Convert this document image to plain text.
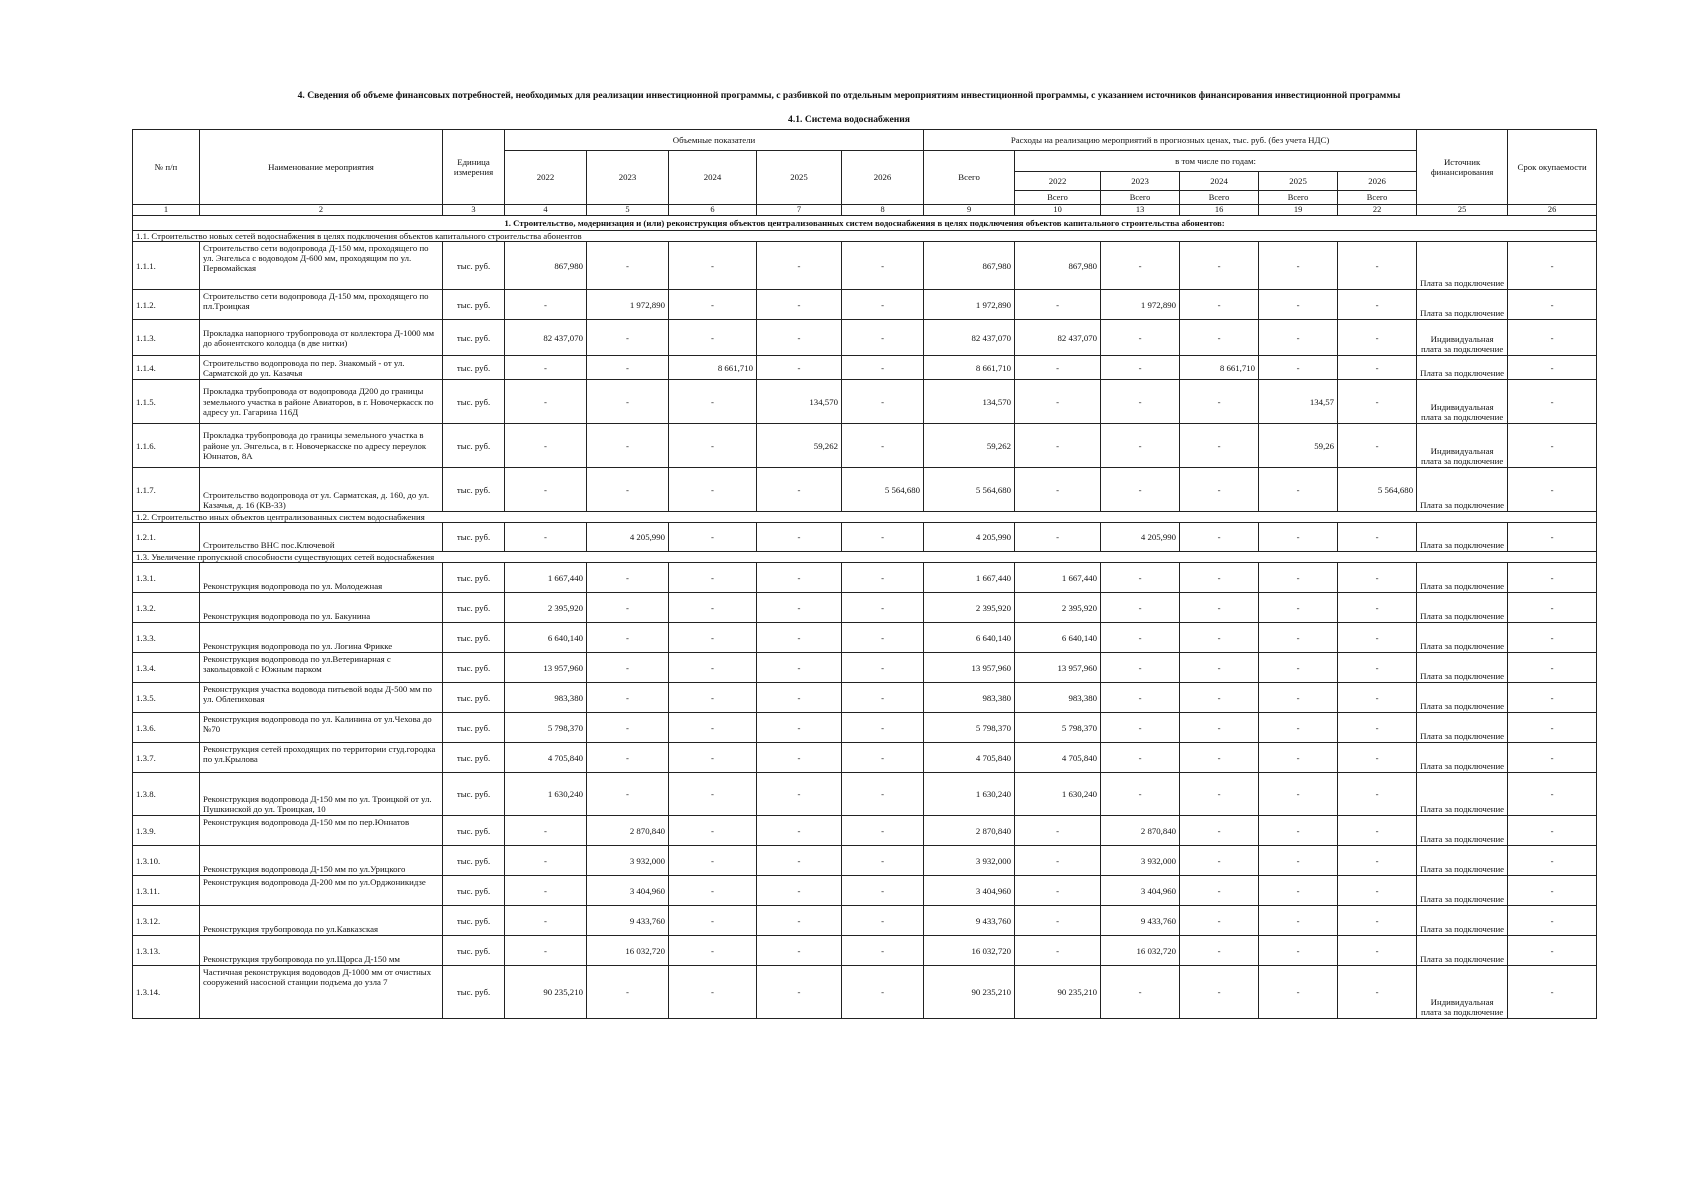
4. Сведения об объеме финансовых потребностей, необходимых для реализации инвестиционной программы, с разбивкой по отдельным мероприятиям инвестиционной программы, с указанием источников финансирования инвестиционной программы
4.1. Система водоснабжения
№ п/п	Наименование мероприятия	Единица измерения	Объемные показатели					Расходы на реализацию мероприятий в прогнозных ценах, тыс. руб. (без учета НДС)						Источник финансирования	Срок окупаемости
			2022	2023	2024	2025	2026	Всего	в том числе по годам:						
									2022	2023	2024	2025	2026		
									Всего	Всего	Всего	Всего	Всего		
1	2	3	4	5	6	7	8	9	10	13	16	19	22	25	26
1. Строительство, модернизация и (или) реконструкция объектов централизованных систем водоснабжения в целях подключения объектов капитального строительства абонентов:															
1.1. Строительство новых сетей водоснабжения в целях подключения объектов капитального строительства абонентов															
1.1.1.	Строительство сети водопровода Д-150 мм, проходящего по ул. Энгельса с водоводом Д-600 мм, проходящим по ул. Первомайская	тыс. руб.	867,980	-	-	-	-	867,980	867,980	-	-	-	-	Плата за подключение	-
1.1.2.	Строительство сети водопровода Д-150 мм, проходящего по пл.Троицкая	тыс. руб.	-	1 972,890	-	-	-	1 972,890	-	1 972,890	-	-	-	Плата за подключение	-
1.1.3.	Прокладка напорного трубопровода от коллектора Д-1000 мм до абонентского колодца (в две нитки)	тыс. руб.	82 437,070	-	-	-	-	82 437,070	82 437,070	-	-	-	-	Индивидуальная плата за подключение	-
1.1.4.	Строительство водопровода по пер. Знакомый - от ул. Сарматской до ул. Казачья	тыс. руб.	-	-	8 661,710	-	-	8 661,710	-	-	8 661,710	-	-	Плата за подключение	-
1.1.5.	Прокладка трубопровода от водопровода Д200 до границы земельного участка в районе Авиаторов, в г. Новочеркасск по адресу ул. Гагарина 116Д	тыс. руб.	-	-	-	134,570	-	134,570	-	-	-	134,57	-	Индивидуальная плата за подключение	-
1.1.6.	Прокладка трубопровода до границы земельного участка в районе ул. Энгельса, в г. Новочеркасске по адресу переулок Юннатов, 8А	тыс. руб.	-	-	-	59,262	-	59,262	-	-	-	59,26	-	Индивидуальная плата за подключение	-
1.1.7.	Строительство водопровода от ул. Сарматская, д. 160, до ул. Казачья, д. 16 (КВ-33)	тыс. руб.	-	-	-	-	5 564,680	5 564,680	-	-	-	-	5 564,680	Плата за подключение	-
1.2. Строительство иных объектов централизованных систем водоснабжения															
1.2.1.	Строительство ВНС пос.Ключевой	тыс. руб.	-	4 205,990	-	-	-	4 205,990	-	4 205,990	-	-	-	Плата за подключение	-
1.3. Увеличение пропускной способности существующих сетей водоснабжения															
1.3.1.	Реконструкция водопровода по ул. Молодежная	тыс. руб.	1 667,440	-	-	-	-	1 667,440	1 667,440	-	-	-	-	Плата за подключение	-
1.3.2.	Реконструкция водопровода по ул. Бакунина	тыс. руб.	2 395,920	-	-	-	-	2 395,920	2 395,920	-	-	-	-	Плата за подключение	-
1.3.3.	Реконструкция водопровода по ул. Логина Фрикке	тыс. руб.	6 640,140	-	-	-	-	6 640,140	6 640,140	-	-	-	-	Плата за подключение	-
1.3.4.	Реконструкция водопровода по ул.Ветеринарная с закольцовкой с Южным парком	тыс. руб.	13 957,960	-	-	-	-	13 957,960	13 957,960	-	-	-	-	Плата за подключение	-
1.3.5.	Реконструкция участка водовода питьевой воды Д-500 мм по ул. Облепиховая	тыс. руб.	983,380	-	-	-	-	983,380	983,380	-	-	-	-	Плата за подключение	-
1.3.6.	Реконструкция водопровода по ул. Калинина от ул.Чехова до №70	тыс. руб.	5 798,370	-	-	-	-	5 798,370	5 798,370	-	-	-	-	Плата за подключение	-
1.3.7.	Реконструкция сетей проходящих по территории студ.городка по ул.Крылова	тыс. руб.	4 705,840	-	-	-	-	4 705,840	4 705,840	-	-	-	-	Плата за подключение	-
1.3.8.	Реконструкция водопровода Д-150 мм по ул. Троицкой от ул. Пушкинской до ул. Троицкая, 10	тыс. руб.	1 630,240	-	-	-	-	1 630,240	1 630,240	-	-	-	-	Плата за подключение	-
1.3.9.	Реконструкция водопровода Д-150 мм по пер.Юннатов	тыс. руб.	-	2 870,840	-	-	-	2 870,840	-	2 870,840	-	-	-	Плата за подключение	-
1.3.10.	Реконструкция водопровода Д-150 мм по ул.Урицкого	тыс. руб.	-	3 932,000	-	-	-	3 932,000	-	3 932,000	-	-	-	Плата за подключение	-
1.3.11.	Реконструкция водопровода Д-200 мм по ул.Орджоникидзе	тыс. руб.	-	3 404,960	-	-	-	3 404,960	-	3 404,960	-	-	-	Плата за подключение	-
1.3.12.	Реконструкция трубопровода по ул.Кавказская	тыс. руб.	-	9 433,760	-	-	-	9 433,760	-	9 433,760	-	-	-	Плата за подключение	-
1.3.13.	Реконструкция трубопровода по ул.Щорса Д-150 мм	тыс. руб.	-	16 032,720	-	-	-	16 032,720	-	16 032,720	-	-	-	Плата за подключение	-
1.3.14.	Частичная реконструкция водоводов Д-1000 мм от очистных сооружений насосной станции подъема до узла 7	тыс. руб.	90 235,210	-	-	-	-	90 235,210	90 235,210	-	-	-	-	Индивидуальная плата за подключение	-
